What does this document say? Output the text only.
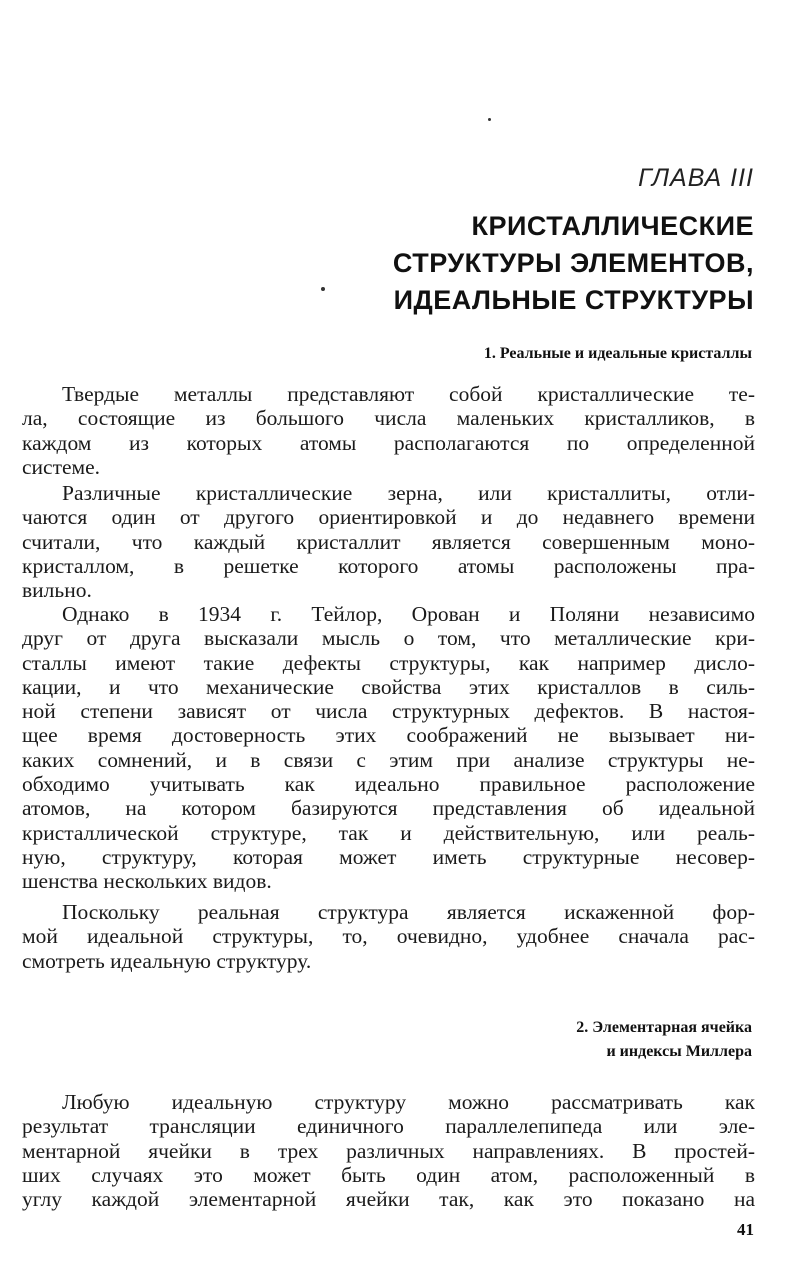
ГЛАВА III
КРИСТАЛЛИЧЕСКИЕ
СТРУКТУРЫ ЭЛЕМЕНТОВ,
ИДЕАЛЬНЫЕ СТРУКТУРЫ
1. Реальные и идеальные кристаллы
Твердые металлы представляют собой кристаллические те-
ла, состоящие из большого числа маленьких кристалликов, в
каждом из которых атомы располагаются по определенной
системе.
Различные кристаллические зерна, или кристаллиты, отли-
чаются один от другого ориентировкой и до недавнего времени
считали, что каждый кристаллит является совершенным моно-
кристаллом, в решетке которого атомы расположены пра-
вильно.
Однако в 1934 г. Тейлор, Орован и Поляни независимо
друг от друга высказали мысль о том, что металлические кри-
сталлы имеют такие дефекты структуры, как например дисло-
кации, и что механические свойства этих кристаллов в силь-
ной степени зависят от числа структурных дефектов. В настоя-
щее время достоверность этих соображений не вызывает ни-
каких сомнений, и в связи с этим при анализе структуры не-
обходимо учитывать как идеально правильное расположение
атомов, на котором базируются представления об идеальной
кристаллической структуре, так и действительную, или реаль-
ную, структуру, которая может иметь структурные несовер-
шенства нескольких видов.
Поскольку реальная структура является искаженной фор-
мой идеальной структуры, то, очевидно, удобнее сначала рас-
смотреть идеальную структуру.
2. Элементарная ячейка
и индексы Миллера
Любую идеальную структуру можно рассматривать как
результат трансляции единичного параллелепипеда или эле-
ментарной ячейки в трех различных направлениях. В простей-
ших случаях это может быть один атом, расположенный в
углу каждой элементарной ячейки так, как это показано на
41
